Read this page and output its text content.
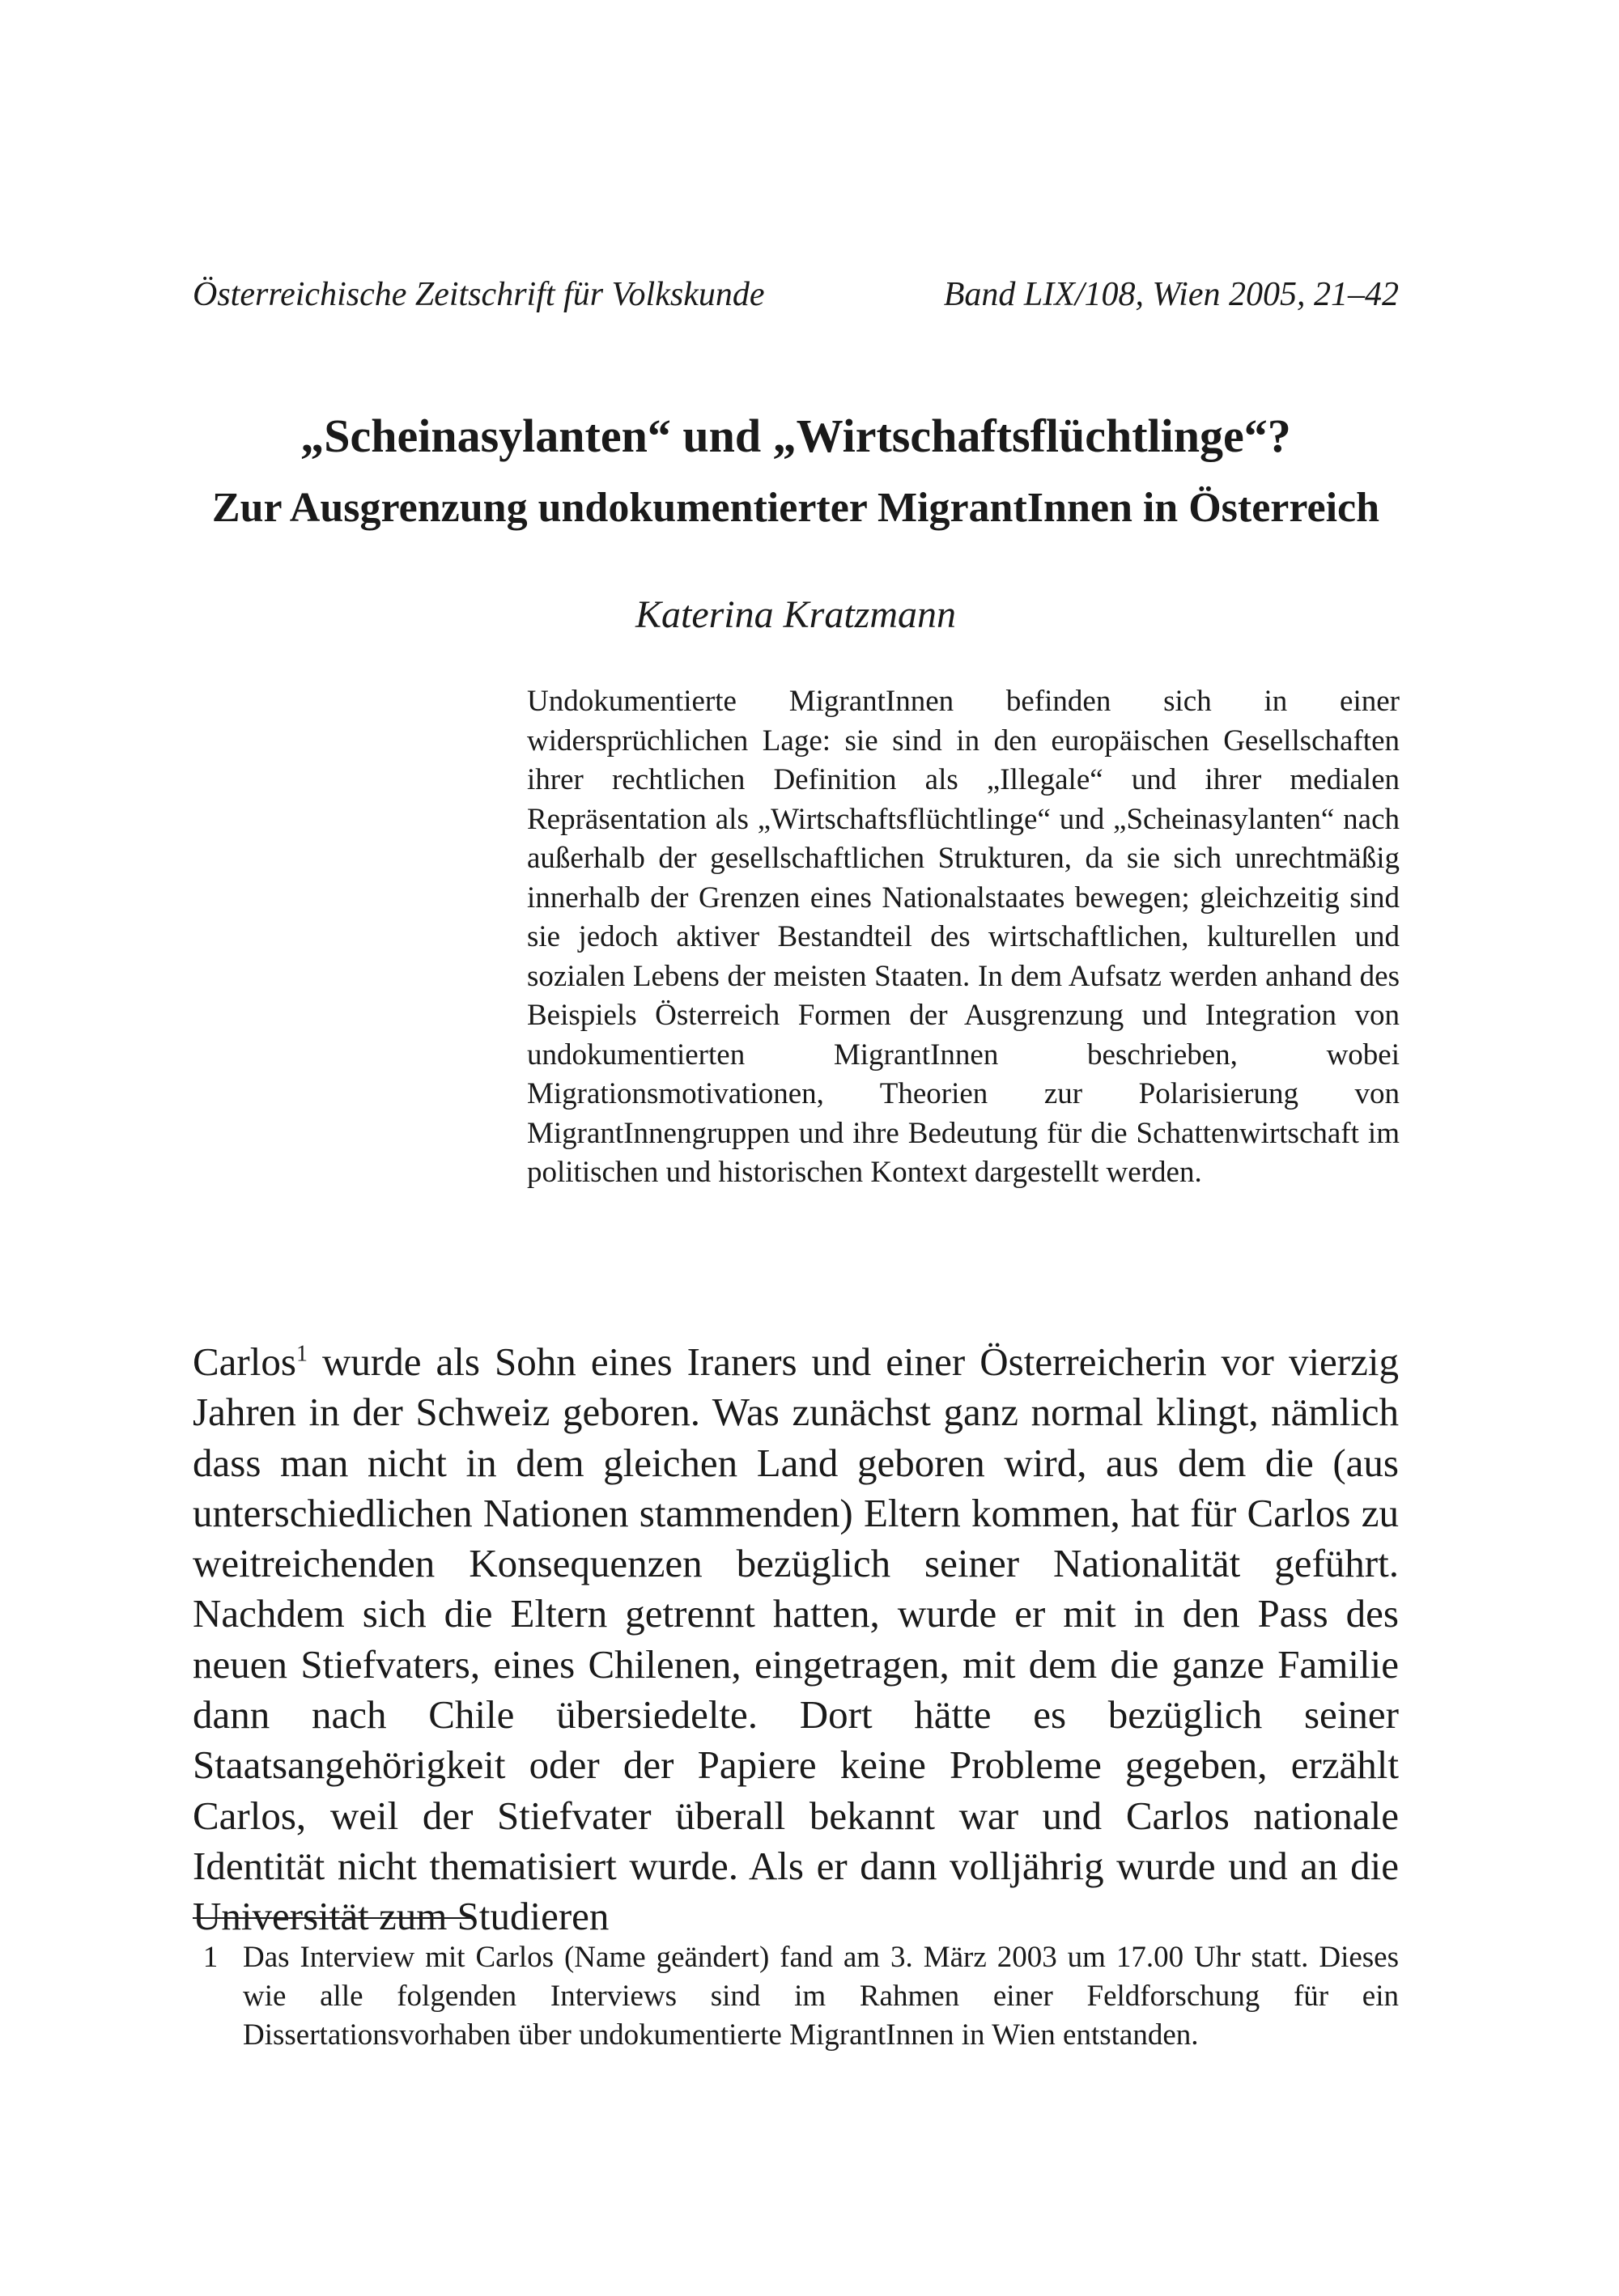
Österreichische Zeitschrift für Volkskunde	Band LIX/108, Wien 2005, 21–42
„Scheinasylanten“ und „Wirtschaftsflüchtlinge“?
Zur Ausgrenzung undokumentierter MigrantInnen in Österreich

Katerina Kratzmann

Undokumentierte MigrantInnen befinden sich in einer widersprüchlichen Lage: sie sind in den europäischen Gesellschaften ihrer rechtlichen Definition als „Illegale“ und ihrer medialen Repräsentation als „Wirtschaftsflüchtlinge“ und „Scheinasylanten“ nach außerhalb der gesellschaftlichen Strukturen, da sie sich unrechtmäßig innerhalb der Grenzen eines Nationalstaates bewegen; gleichzeitig sind sie jedoch aktiver Bestandteil des wirtschaftlichen, kulturellen und sozialen Lebens der meisten Staaten. In dem Aufsatz werden anhand des Beispiels Österreich Formen der Ausgrenzung und Integration von undokumentierten MigrantInnen beschrieben, wobei Migrationsmotivationen, Theorien zur Polarisierung von MigrantInnengruppen und ihre Bedeutung für die Schattenwirtschaft im politischen und historischen Kontext dargestellt werden.

Carlos$^1$ wurde als Sohn eines Iraners und einer Österreicherin vor vierzig Jahren in der Schweiz geboren. Was zunächst ganz normal klingt, nämlich dass man nicht in dem gleichen Land geboren wird, aus dem die (aus unterschiedlichen Nationen stammenden) Eltern kommen, hat für Carlos zu weitreichenden Konsequenzen bezüglich seiner Nationalität geführt. Nachdem sich die Eltern getrennt hatten, wurde er mit in den Pass des neuen Stiefvaters, eines Chilenen, eingetragen, mit dem die ganze Familie dann nach Chile übersiedelte. Dort hätte es bezüglich seiner Staatsangehörigkeit oder der Papiere keine Probleme gegeben, erzählt Carlos, weil der Stiefvater überall bekannt war und Carlos nationale Identität nicht thematisiert wurde. Als er dann volljährig wurde und an die Universität zum Studieren

1 Das Interview mit Carlos (Name geändert) fand am 3. März 2003 um 17.00 Uhr statt. Dieses wie alle folgenden Interviews sind im Rahmen einer Feldforschung für ein Dissertationsvorhaben über undokumentierte MigrantInnen in Wien entstanden.
